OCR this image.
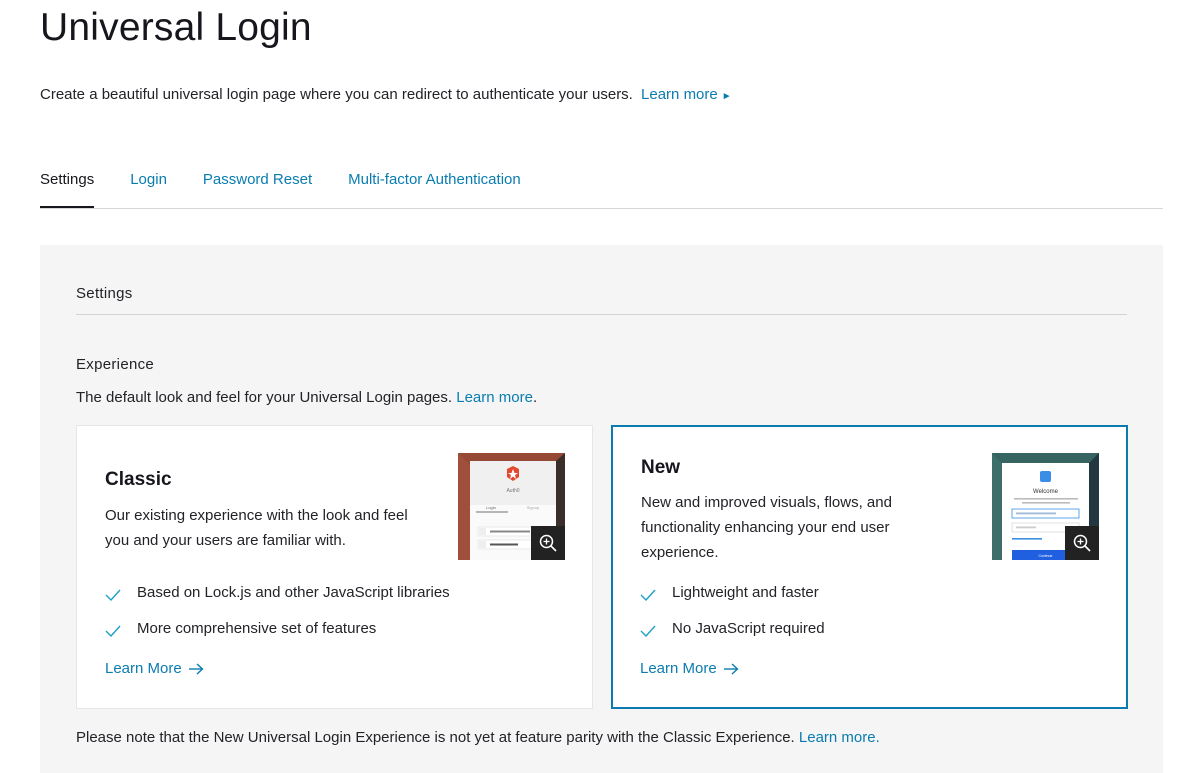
Universal Login
Create a beautiful universal login page where you can redirect to authenticate your users. Learn more ►
Settings Login Password Reset Multi-factor Authentication
Settings
Experience
The default look and feel for your Universal Login pages. Learn more.
Classic
Our existing experience with the look and feel you and your users are familiar with.
Auth0
Login	Signup
Based on Lock.js and other JavaScript libraries
More comprehensive set of features
Learn More
New
New and improved visuals, flows, and functionality enhancing your end user experience.
Welcome
Continue
Lightweight and faster
No JavaScript required
Learn More
Please note that the New Universal Login Experience is not yet at feature parity with the Classic Experience. Learn more.
